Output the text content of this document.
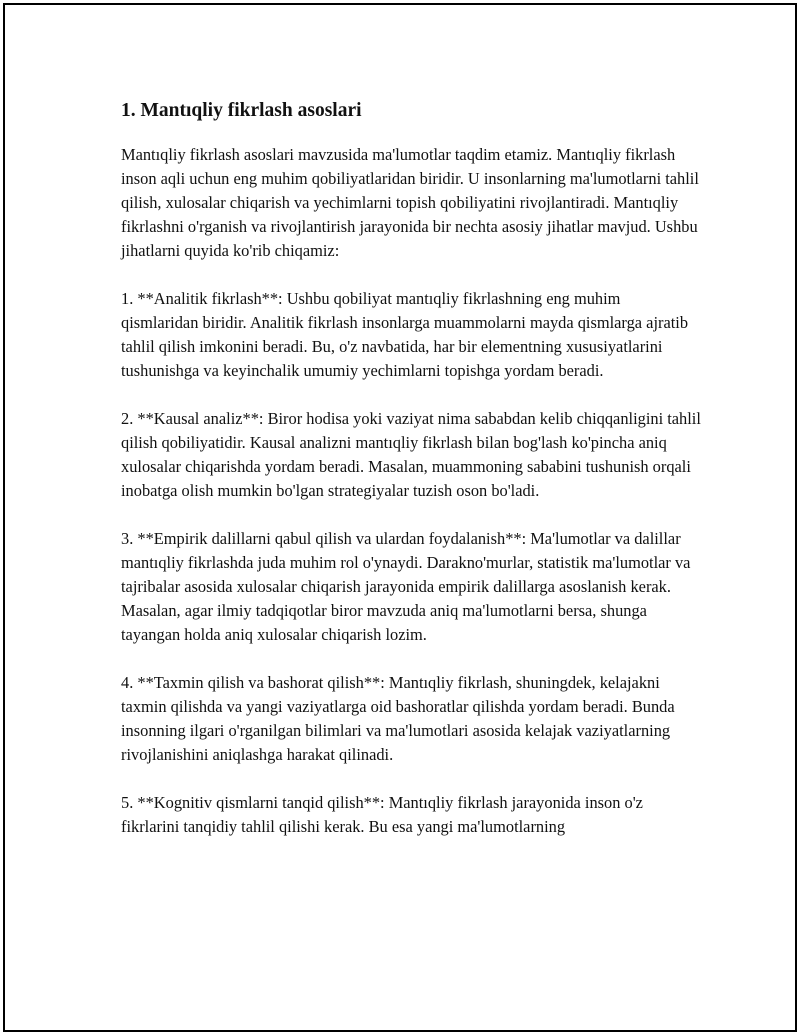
1. Mantıqliy fikrlash asoslari

Mantıqliy fikrlash asoslari mavzusida ma'lumotlar taqdim etamiz. Mantıqliy fikrlash inson aqli uchun eng muhim qobiliyatlaridan biridir. U insonlarning ma'lumotlarni tahlil qilish, xulosalar chiqarish va yechimlarni topish qobiliyatini rivojlantiradi. Mantıqliy fikrlashni o'rganish va rivojlantirish jarayonida bir nechta asosiy jihatlar mavjud. Ushbu jihatlarni quyida ko'rib chiqamiz:

1. **Analitik fikrlash**: Ushbu qobiliyat mantıqliy fikrlashning eng muhim qismlaridan biridir. Analitik fikrlash insonlarga muammolarni mayda qismlarga ajratib tahlil qilish imkonini beradi. Bu, o'z navbatida, har bir elementning xususiyatlarini tushunishga va keyinchalik umumiy yechimlarni topishga yordam beradi.

2. **Kausal analiz**: Biror hodisa yoki vaziyat nima sababdan kelib chiqqanligini tahlil qilish qobiliyatidir. Kausal analizni mantıqliy fikrlash bilan bog'lash ko'pincha aniq xulosalar chiqarishda yordam beradi. Masalan, muammoning sababini tushunish orqali inobatga olish mumkin bo'lgan strategiyalar tuzish oson bo'ladi.

3. **Empirik dalillarni qabul qilish va ulardan foydalanish**: Ma'lumotlar va dalillar mantıqliy fikrlashda juda muhim rol o'ynaydi. Darakno'murlar, statistik ma'lumotlar va tajribalar asosida xulosalar chiqarish jarayonida empirik dalillarga asoslanish kerak. Masalan, agar ilmiy tadqiqotlar biror mavzuda aniq ma'lumotlarni bersa, shunga tayangan holda aniq xulosalar chiqarish lozim.

4. **Taxmin qilish va bashorat qilish**: Mantıqliy fikrlash, shuningdek, kelajakni taxmin qilishda va yangi vaziyatlarga oid bashoratlar qilishda yordam beradi. Bunda insonning ilgari o'rganilgan bilimlari va ma'lumotlari asosida kelajak vaziyatlarning rivojlanishini aniqlashga harakat qilinadi.

5. **Kognitiv qismlarni tanqid qilish**: Mantıqliy fikrlash jarayonida inson o'z fikrlarini tanqidiy tahlil qilishi kerak. Bu esa yangi ma'lumotlarning
